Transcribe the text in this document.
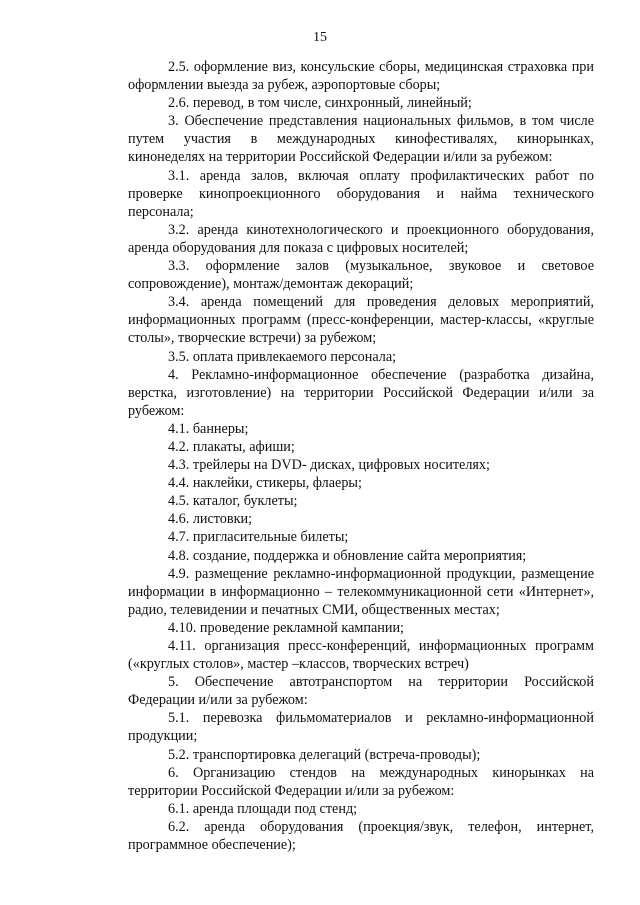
15

2.5. оформление виз, консульские сборы, медицинская страховка при оформлении выезда за рубеж, аэропортовые сборы;

2.6. перевод, в том числе, синхронный, линейный;

3. Обеспечение представления национальных фильмов, в том числе путем участия в международных кинофестивалях, кинорынках, кинонеделях на территории Российской Федерации и/или за рубежом:

3.1. аренда залов, включая оплату профилактических работ по проверке кинопроекционного оборудования и найма технического персонала;

3.2. аренда кинотехнологического и проекционного оборудования, аренда оборудования для показа с цифровых носителей;

3.3. оформление залов (музыкальное, звуковое и световое сопровождение), монтаж/демонтаж декораций;

3.4. аренда помещений для проведения деловых мероприятий, информационных программ (пресс-конференции, мастер-классы, «круглые столы», творческие встречи) за рубежом;

3.5. оплата привлекаемого персонала;

4. Рекламно-информационное обеспечение (разработка дизайна, верстка, изготовление) на территории Российской Федерации и/или за рубежом:

4.1. баннеры;

4.2. плакаты, афиши;

4.3. трейлеры на DVD- дисках, цифровых носителях;

4.4. наклейки, стикеры, флаеры;

4.5. каталог, буклеты;

4.6. листовки;

4.7. пригласительные билеты;

4.8. создание, поддержка и обновление сайта мероприятия;

4.9. размещение рекламно-информационной продукции, размещение информации в информационно – телекоммуникационной сети «Интернет», радио, телевидении и печатных СМИ, общественных местах;

4.10. проведение рекламной кампании;

4.11. организация пресс-конференций, информационных программ («круглых столов», мастер –классов, творческих встреч)

5. Обеспечение автотранспортом на территории Российской Федерации и/или за рубежом:

5.1. перевозка фильмоматериалов и рекламно-информационной продукции;

5.2. транспортировка делегаций (встреча-проводы);

6. Организацию стендов на международных кинорынках на территории Российской Федерации и/или за рубежом:

6.1. аренда площади под стенд;

6.2. аренда оборудования (проекция/звук, телефон, интернет, программное обеспечение);
